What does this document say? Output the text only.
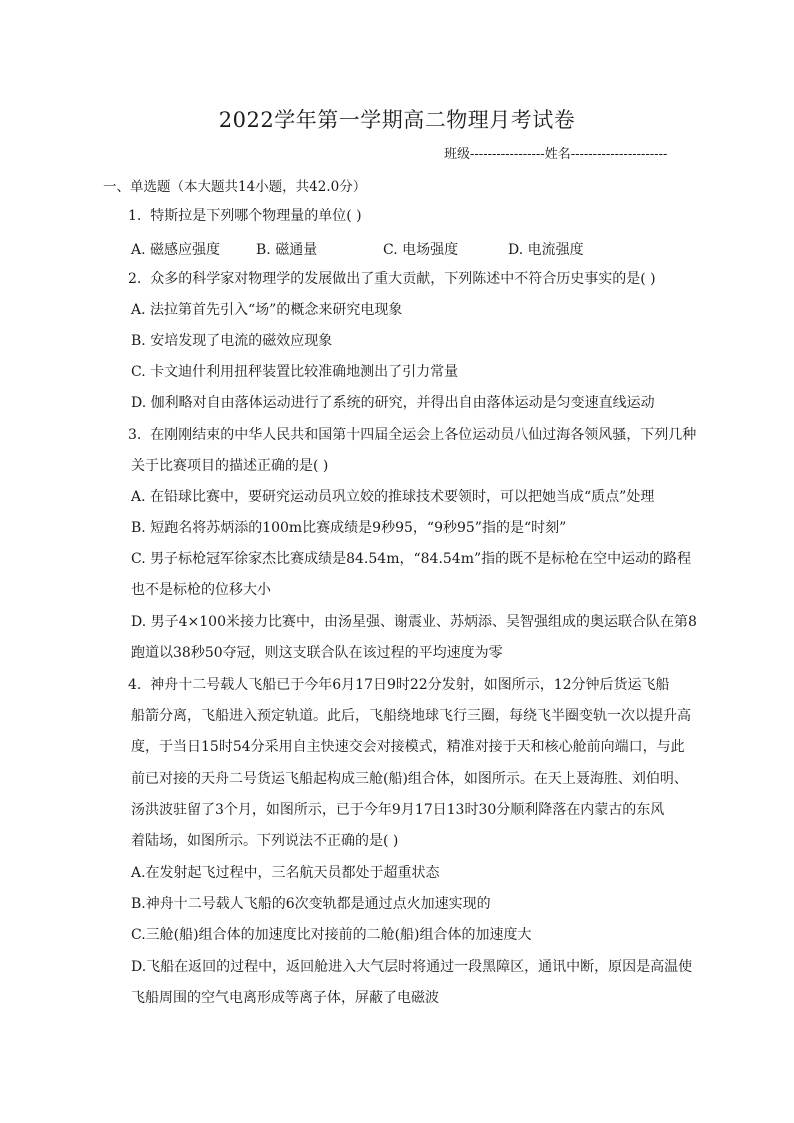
2022学年第一学期高二物理月考试卷
班级-----------------姓名----------------------
一、单选题（本大题共14小题，共42.0分）
1. 特斯拉是下列哪个物理量的单位( )
A. 磁感应强度	B. 磁通量	C. 电场强度	D. 电流强度
2. 众多的科学家对物理学的发展做出了重大贡献，下列陈述中不符合历史事实的是( )
A. 法拉第首先引入“场”的概念来研究电现象
B. 安培发现了电流的磁效应现象
C. 卡文迪什利用扭秤装置比较准确地测出了引力常量
D. 伽利略对自由落体运动进行了系统的研究，并得出自由落体运动是匀变速直线运动
3. 在刚刚结束的中华人民共和国第十四届全运会上各位运动员八仙过海各领风骚，下列几种
关于比赛项目的描述正确的是( )
A. 在铅球比赛中，要研究运动员巩立姣的推球技术要领时，可以把她当成“质点”处理
B. 短跑名将苏炳添的100m比赛成绩是9秒95，“9秒95”指的是“时刻”
C. 男子标枪冠军徐家杰比赛成绩是84.54m，“84.54m”指的既不是标枪在空中运动的路程
也不是标枪的位移大小
D. 男子4×100米接力比赛中，由汤星强、谢震业、苏炳添、吴智强组成的奥运联合队在第8
跑道以38秒50夺冠，则这支联合队在该过程的平均速度为零
4. 神舟十二号载人飞船已于今年6月17日9时22分发射，如图所示，12分钟后货运飞船
船箭分离，飞船进入预定轨道。此后，飞船绕地球飞行三圈，每绕飞半圈变轨一次以提升高
度，于当日15时54分采用自主快速交会对接模式，精准对接于天和核心舱前向端口，与此
前已对接的天舟二号货运飞船起构成三舱(船)组合体，如图所示。在天上聂海胜、刘伯明、
汤洪波驻留了3个月，如图所示，已于今年9月17日13时30分顺利降落在内蒙古的东风
着陆场，如图所示。下列说法不正确的是( )
A.在发射起飞过程中，三名航天员都处于超重状态
B.神舟十二号载人飞船的6次变轨都是通过点火加速实现的
C.三舱(船)组合体的加速度比对接前的二舱(船)组合体的加速度大
D.飞船在返回的过程中，返回舱进入大气层时将通过一段黑障区，通讯中断，原因是高温使
飞船周围的空气电离形成等离子体，屏蔽了电磁波
